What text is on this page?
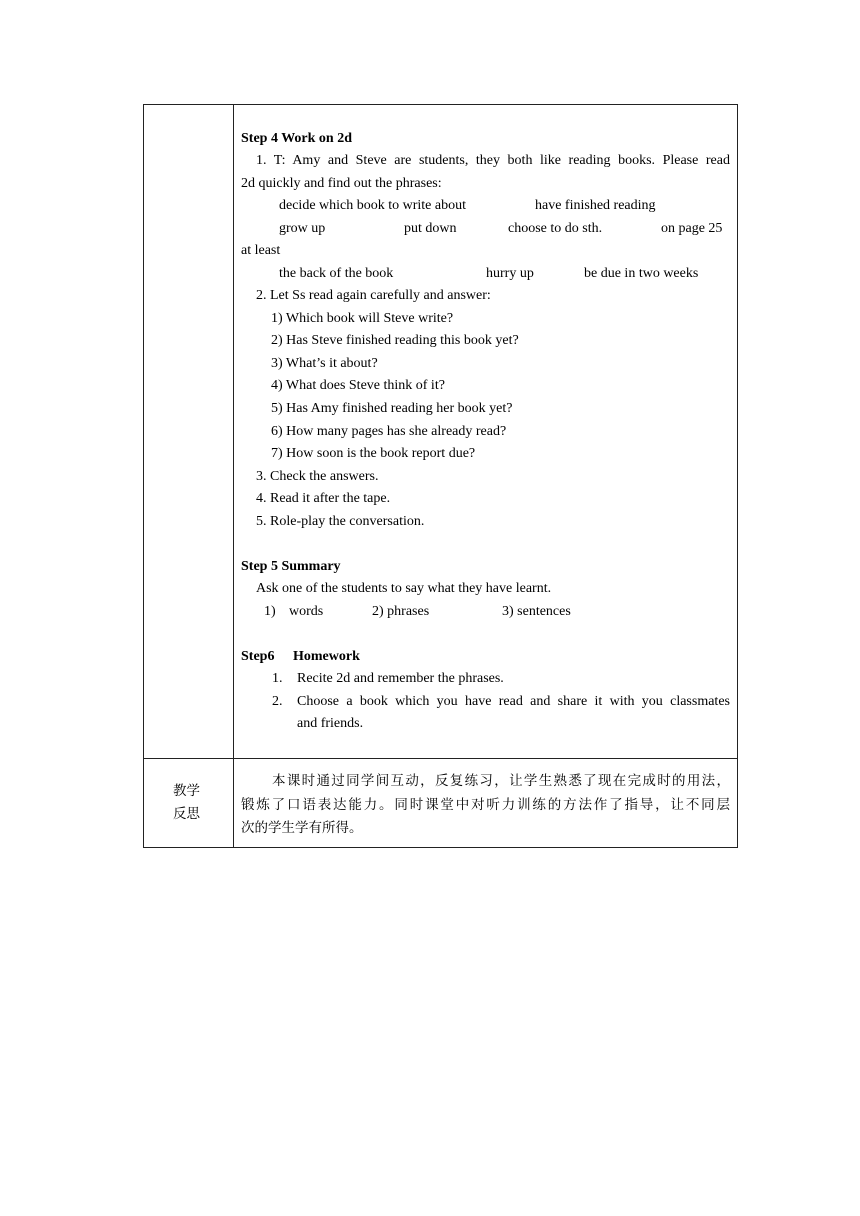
Step 4 Work on 2d
1. T: Amy and Steve are students, they both like reading books. Please read
2d quickly and find out the phrases:
decide which book to write about	have finished reading
grow up	put down	choose to do sth.	on page 25
at least
the back of the book	hurry up	be due in two weeks
2. Let Ss read again carefully and answer:
1) Which book will Steve write?
2) Has Steve finished reading this book yet?
3) What’s it about?
4) What does Steve think of it?
5) Has Amy finished reading her book yet?
6) How many pages has she already read?
7) How soon is the book report due?
3. Check the answers.
4. Read it after the tape.
5. Role-play the conversation.
Step 5 Summary
Ask one of the students to say what they have learnt.
1) words	2) phrases	3) sentences
Step6 Homework
1. Recite 2d and remember the phrases.
2. Choose a book which you have read and share it with you classmates
and friends.
教学
反思
本课时通过同学间互动，反复练习，让学生熟悉了现在完成时的用法，
锻炼了口语表达能力。同时课堂中对听力训练的方法作了指导，让不同层
次的学生学有所得。
